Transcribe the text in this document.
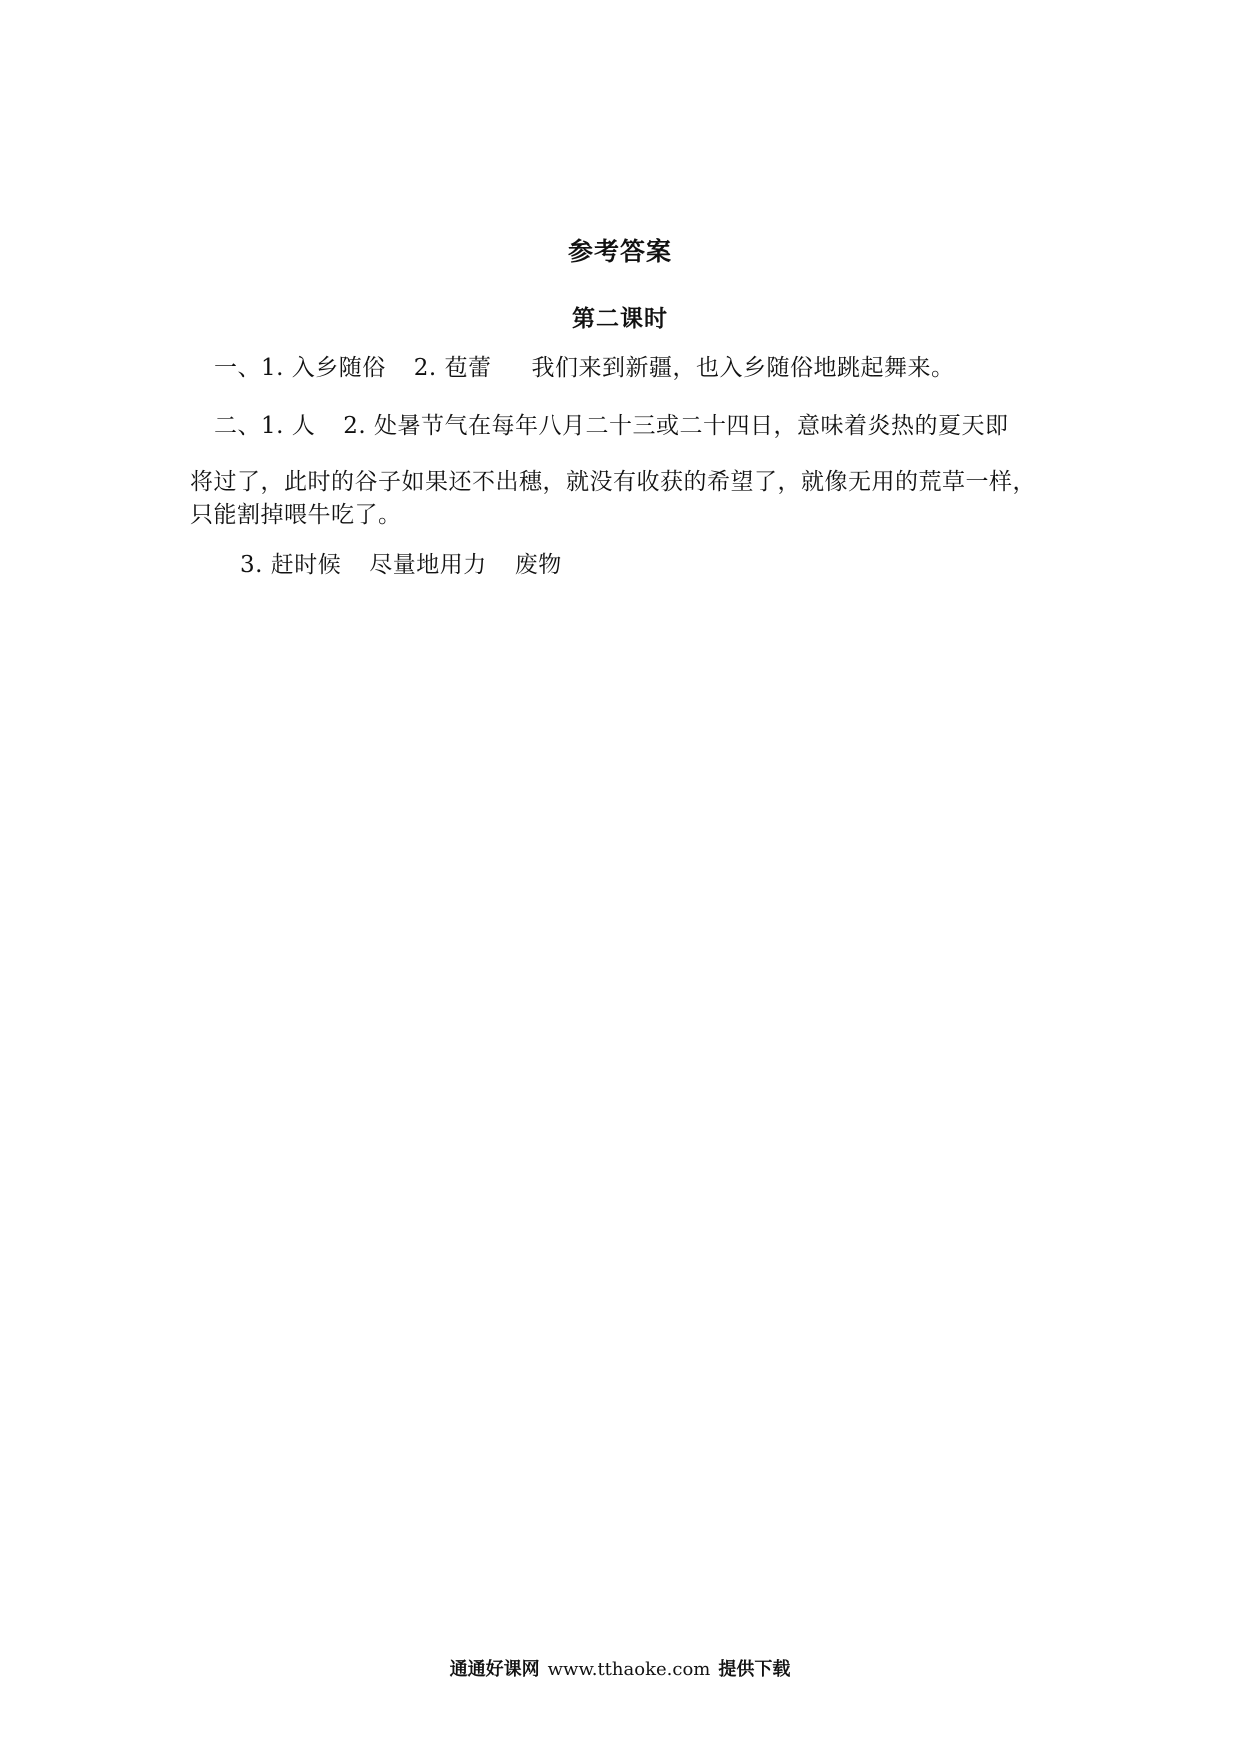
参考答案
第二课时
一、1. 入乡随俗 2. 苞蕾 我们来到新疆，也入乡随俗地跳起舞来。
二、1. 人 2. 处暑节气在每年八月二十三或二十四日，意味着炎热的夏天即
将过了，此时的谷子如果还不出穗，就没有收获的希望了，就像无用的荒草一样，
只能割掉喂牛吃了。
3. 赶时候 尽量地用力 废物
通通好课网 www.tthaoke.com 提供下载
